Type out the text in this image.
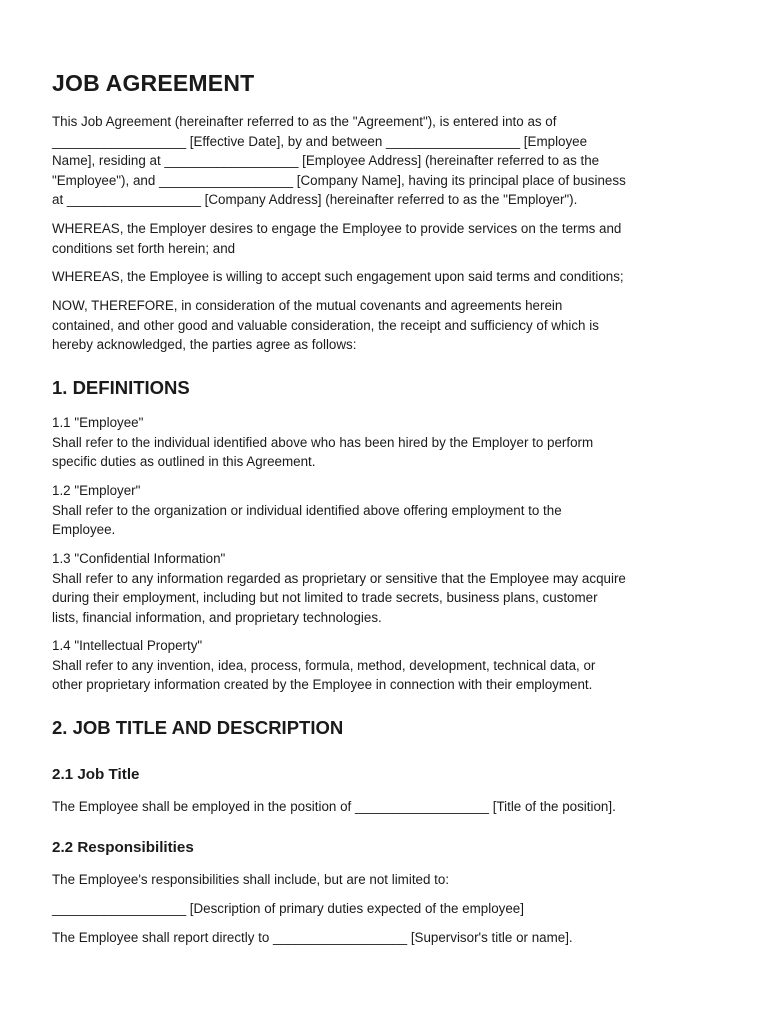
JOB AGREEMENT
This Job Agreement (hereinafter referred to as the "Agreement"), is entered into as of
__________________ [Effective Date], by and between __________________ [Employee
Name], residing at __________________ [Employee Address] (hereinafter referred to as the
"Employee"), and __________________ [Company Name], having its principal place of business
at __________________ [Company Address] (hereinafter referred to as the "Employer").
WHEREAS, the Employer desires to engage the Employee to provide services on the terms and
conditions set forth herein; and
WHEREAS, the Employee is willing to accept such engagement upon said terms and conditions;
NOW, THEREFORE, in consideration of the mutual covenants and agreements herein
contained, and other good and valuable consideration, the receipt and sufficiency of which is
hereby acknowledged, the parties agree as follows:
1. DEFINITIONS
1.1 "Employee"
Shall refer to the individual identified above who has been hired by the Employer to perform
specific duties as outlined in this Agreement.
1.2 "Employer"
Shall refer to the organization or individual identified above offering employment to the
Employee.
1.3 "Confidential Information"
Shall refer to any information regarded as proprietary or sensitive that the Employee may acquire
during their employment, including but not limited to trade secrets, business plans, customer
lists, financial information, and proprietary technologies.
1.4 "Intellectual Property"
Shall refer to any invention, idea, process, formula, method, development, technical data, or
other proprietary information created by the Employee in connection with their employment.
2. JOB TITLE AND DESCRIPTION
2.1 Job Title
The Employee shall be employed in the position of __________________ [Title of the position].
2.2 Responsibilities
The Employee's responsibilities shall include, but are not limited to:
__________________ [Description of primary duties expected of the employee]
The Employee shall report directly to __________________ [Supervisor's title or name].
